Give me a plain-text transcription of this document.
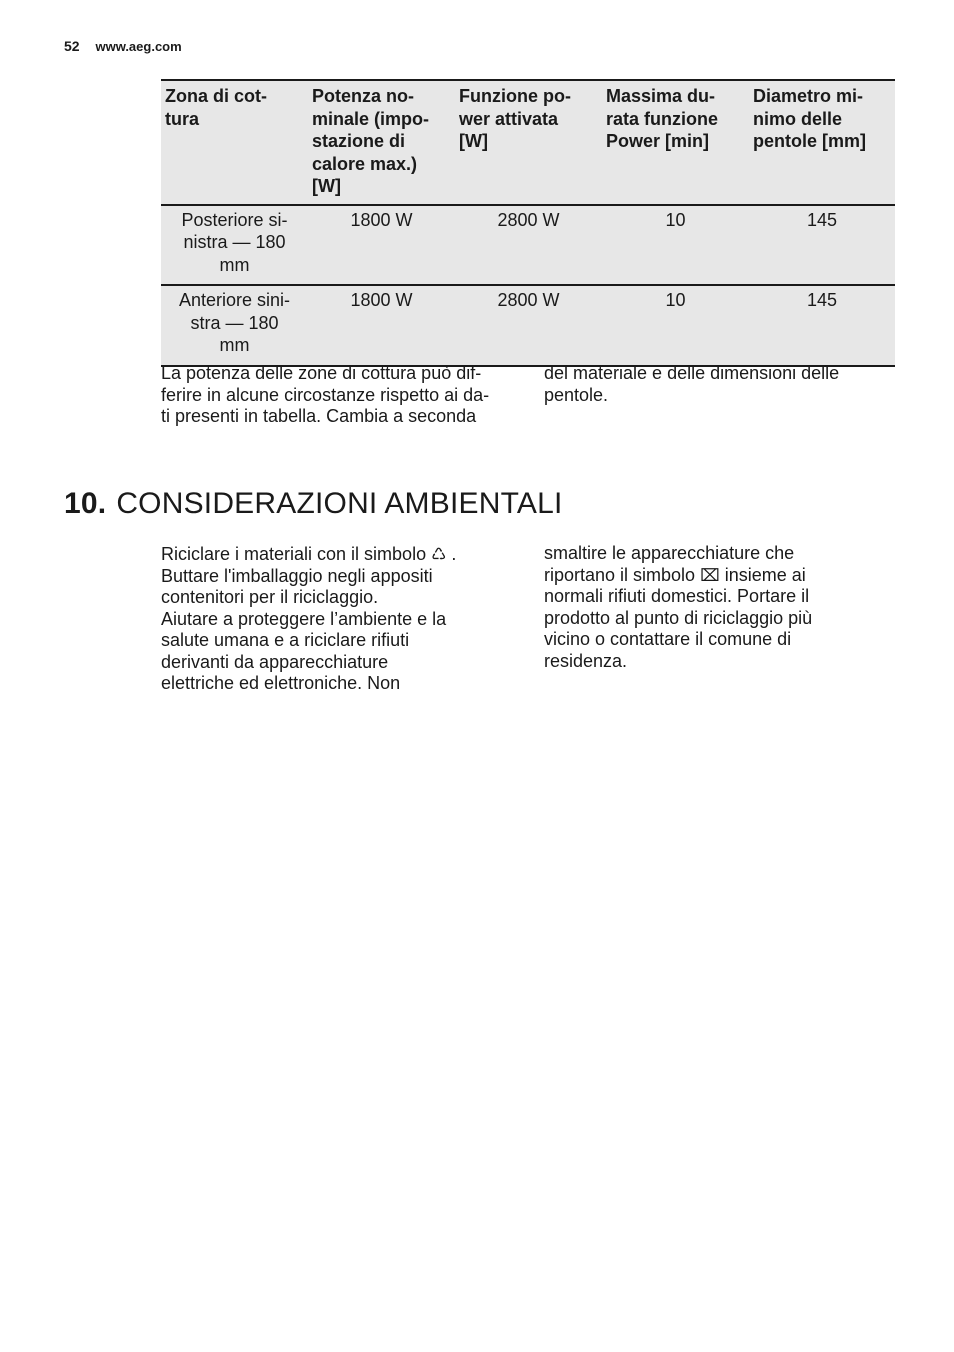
52 www.aeg.com
Zona di cot-
tura	Potenza no-
minale (impo-
stazione di
calore max.)
[W]	Funzione po-
wer attivata
[W]	Massima du-
rata funzione
Power [min]	Diametro mi-
nimo delle
pentole [mm]
Posteriore si-
nistra — 180
mm	1800 W	2800 W	10	145
Anteriore sini-
stra — 180
mm	1800 W	2800 W	10	145
La potenza delle zone di cottura può dif-
ferire in alcune circostanze rispetto ai da-
ti presenti in tabella. Cambia a seconda
del materiale e delle dimensioni delle
pentole.
10. CONSIDERAZIONI AMBIENTALI

Riciclare i materiali con il simbolo ♺ .

Buttare l'imballaggio negli appositi
contenitori per il riciclaggio.
Aiutare a proteggere l’ambiente e la
salute umana e a riciclare rifiuti
derivanti da apparecchiature
elettriche ed elettroniche. Non

smaltire le apparecchiature che

riportano il simbolo ⌧ insieme ai

normali rifiuti domestici. Portare il
prodotto al punto di riciclaggio più
vicino o contattare il comune di
residenza.
